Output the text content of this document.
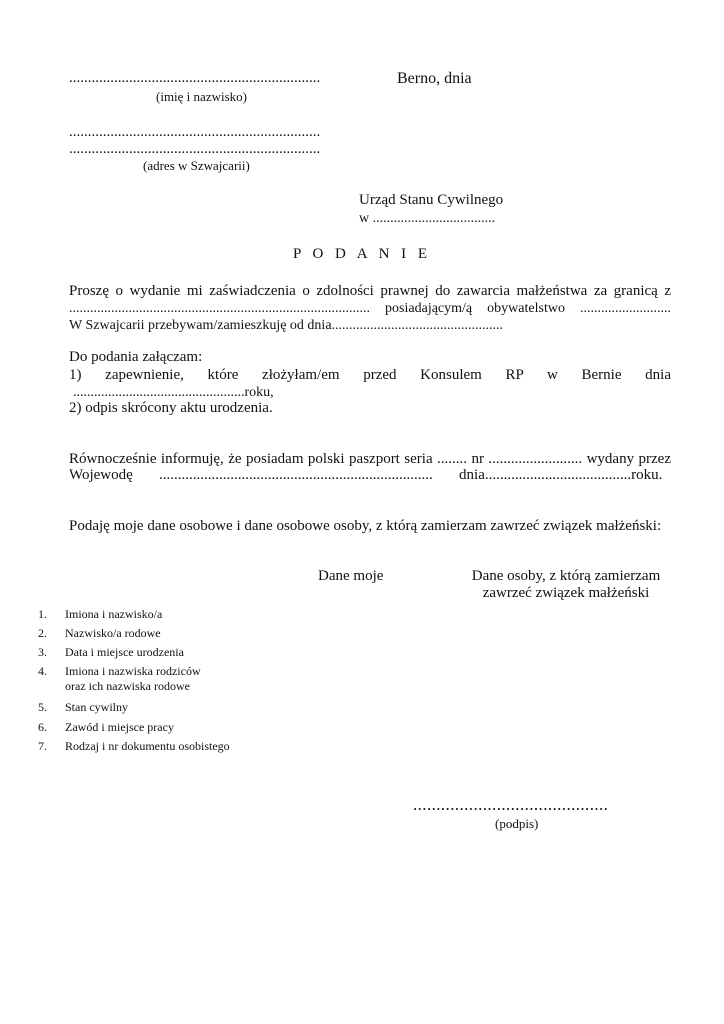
...................................................................
(imię i nazwisko)
Berno, dnia
...................................................................
...................................................................
(adres w Szwajcarii)
Urząd Stanu Cywilnego
w ...................................
P O D A N I E
Proszę o wydanie mi zaświadczenia o zdolności prawnej do zawarcia małżeństwa za granicą z
...................................................................................... posiadającym/ą obywatelstwo ..........................
W Szwajcarii przebywam/zamieszkuję od dnia.................................................
Do podania załączam:
1) zapewnienie, które złożyłam/em przed Konsulem RP w Bernie dnia
.................................................roku,
2) odpis skrócony aktu urodzenia.
Równocześnie informuję, że posiadam polski paszport seria ........ nr ......................... wydany przez
Wojewodę       .........................................................................       dnia.......................................roku.
Podaję moje dane osobowe i dane osobowe osoby, z którą zamierzam zawrzeć związek małżeński:
Dane moje	Dane osoby, z którą zamierzam
zawrzeć związek małżeński
1.	Imiona i nazwisko/a
2.	Nazwisko/a rodowe
3.	Data i miejsce urodzenia
4.	Imiona i nazwiska rodziców
oraz ich nazwiska rodowe
5.	Stan cywilny
6.	Zawód i miejsce pracy
7.	Rodzaj i nr dokumentu osobistego
..........................................
(podpis)
